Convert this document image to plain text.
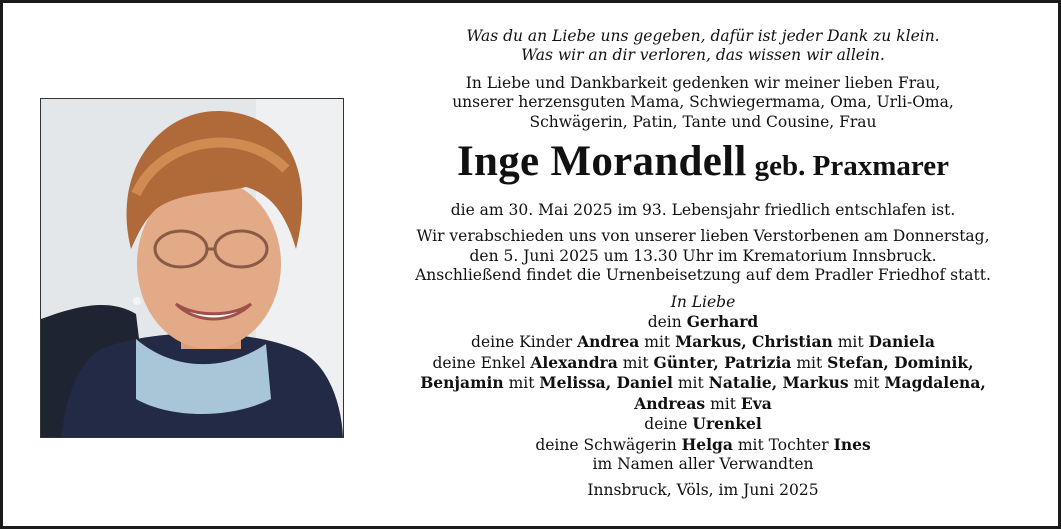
Was du an Liebe uns gegeben, dafür ist jeder Dank zu klein.
Was wir an dir verloren, das wissen wir allein.
In Liebe und Dankbarkeit gedenken wir meiner lieben Frau,
unserer herzensguten Mama, Schwiegermama, Oma, Urli-Oma,
Schwägerin, Patin, Tante und Cousine, Frau
Inge Morandell geb. Praxmarer
die am 30. Mai 2025 im 93. Lebensjahr friedlich entschlafen ist.
Wir verabschieden uns von unserer lieben Verstorbenen am Donnerstag,
den 5. Juni 2025 um 13.30 Uhr im Krematorium Innsbruck.
Anschließend findet die Urnenbeisetzung auf dem Pradler Friedhof statt.
In Liebe
dein Gerhard
deine Kinder Andrea mit Markus, Christian mit Daniela
deine Enkel Alexandra mit Günter, Patrizia mit Stefan, Dominik,
Benjamin mit Melissa, Daniel mit Natalie, Markus mit Magdalena,
Andreas mit Eva
deine Urenkel
deine Schwägerin Helga mit Tochter Ines
im Namen aller Verwandten
Innsbruck, Völs, im Juni 2025
